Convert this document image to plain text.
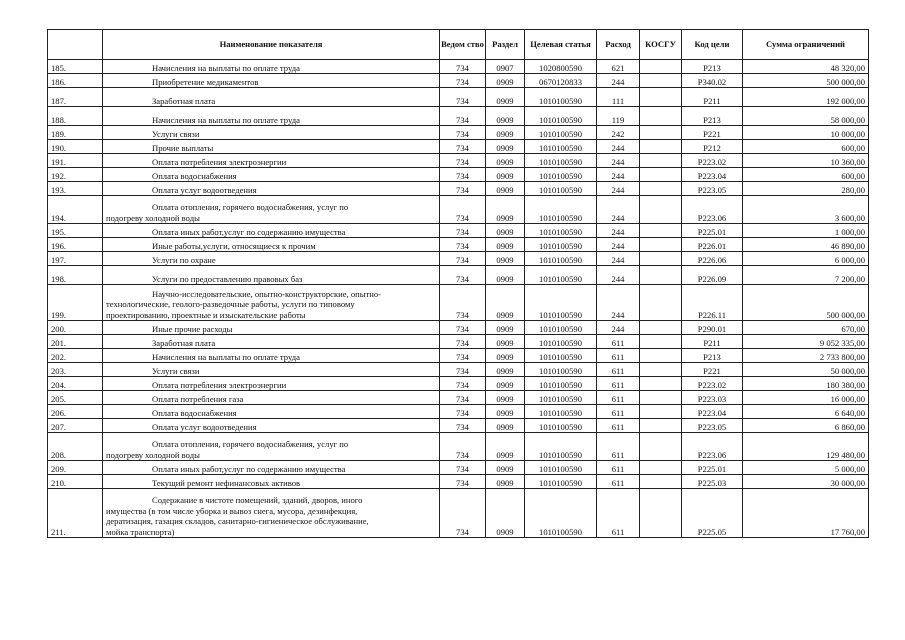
	Наименование показателя	Ведом ство	Раздел	Целевая статья	Расход	КОСГУ	Код цели	Сумма ограничений
185.	Начисления на выплаты по оплате труда	734	0907	1020800590	621		Р213	48 320,00
186.	Приобретение медикаментов	734	0909	0670120833	244		Р340.02	500 000,00
187.	Заработная плата	734	0909	1010100590	111		Р211	192 000,00
188.	Начисления на выплаты по оплате труда	734	0909	1010100590	119		Р213	58 000,00
189.	Услуги связи	734	0909	1010100590	242		Р221	10 000,00
190.	Прочие выплаты	734	0909	1010100590	244		Р212	600,00
191.	Оплата потребления электроэнергии	734	0909	1010100590	244		Р223.02	10 360,00
192.	Оплата водоснабжения	734	0909	1010100590	244		Р223.04	600,00
193.	Оплата услуг водоотведения	734	0909	1010100590	244		Р223.05	280,00
194.	Оплата отопления, горячего водоснабжения, услуг по
подогреву холодной воды	734	0909	1010100590	244		Р223.06	3 600,00
195.	Оплата иных работ,услуг по содержанию имущества	734	0909	1010100590	244		Р225.01	1 000,00
196.	Иные работы,услуги, относящиеся к прочим	734	0909	1010100590	244		Р226.01	46 890,00
197.	Услуги по охране	734	0909	1010100590	244		Р226.06	6 000,00
198.	Услуги по предоставлению правовых баз	734	0909	1010100590	244		Р226.09	7 200,00
199.	Научно-исследовательские, опытно-конструкторские, опытно-
технологические, геолого-разведочные работы, услуги по типовому
проектированию, проектные и изыскательские работы	734	0909	1010100590	244		Р226.11	500 000,00
200.	Иные прочие расходы	734	0909	1010100590	244		Р290.01	670,00
201.	Заработная плата	734	0909	1010100590	611		Р211	9 052 335,00
202.	Начисления на выплаты по оплате труда	734	0909	1010100590	611		Р213	2 733 800,00
203.	Услуги связи	734	0909	1010100590	611		Р221	50 000,00
204.	Оплата потребления электроэнергии	734	0909	1010100590	611		Р223.02	180 380,00
205.	Оплата потребления газа	734	0909	1010100590	611		Р223.03	16 000,00
206.	Оплата водоснабжения	734	0909	1010100590	611		Р223.04	6 640,00
207.	Оплата услуг водоотведения	734	0909	1010100590	611		Р223.05	6 860,00
208.	Оплата отопления, горячего водоснабжения, услуг по
подогреву холодной воды	734	0909	1010100590	611		Р223.06	129 480,00
209.	Оплата иных работ,услуг по содержанию имущества	734	0909	1010100590	611		Р225.01	5 000,00
210.	Текущий ремонт нефинансовых активов	734	0909	1010100590	611		Р225.03	30 000,00
211.	Содержание в чистоте помещений, зданий, дворов, иного
имущества (в том числе уборка и вывоз снега, мусора, дезинфекция,
дератизация, газация складов, санитарно-гигиеническое обслуживание,
мойка транспорта)	734	0909	1010100590	611		Р225.05	17 760,00
